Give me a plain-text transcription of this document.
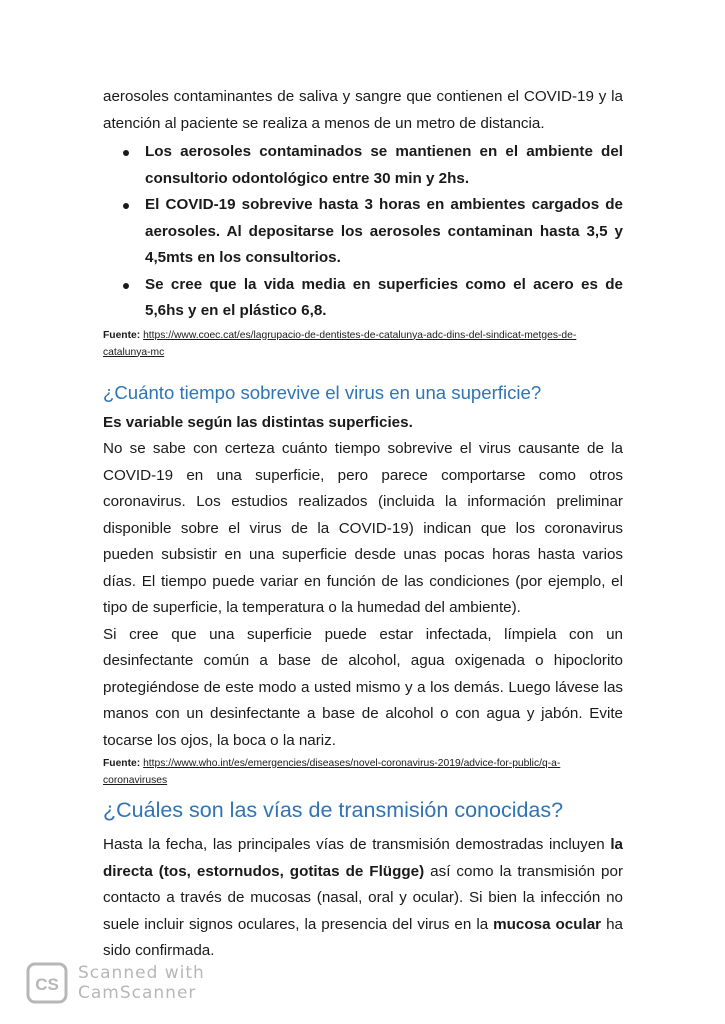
aerosoles contaminantes de saliva y sangre que contienen el COVID-19 y la atención al paciente se realiza a menos de un metro de distancia.

Los aerosoles contaminados se mantienen en el ambiente del consultorio odontológico entre 30 min y 2hs.
El COVID-19 sobrevive hasta 3 horas en ambientes cargados de aerosoles. Al depositarse los aerosoles contaminan hasta 3,5 y 4,5mts en los consultorios.
Se cree que la vida media en superficies como el acero es de 5,6hs y en el plástico 6,8.
Fuente: https://www.coec.cat/es/lagrupacio-de-dentistes-de-catalunya-adc-dins-del-sindicat-metges-de-catalunya-mc
¿Cuánto tiempo sobrevive el virus en una superficie?
Es variable según las distintas superficies.

No se sabe con certeza cuánto tiempo sobrevive el virus causante de la COVID-19 en una superficie, pero parece comportarse como otros coronavirus. Los estudios realizados (incluida la información preliminar disponible sobre el virus de la COVID-19) indican que los coronavirus pueden subsistir en una superficie desde unas pocas horas hasta varios días. El tiempo puede variar en función de las condiciones (por ejemplo, el tipo de superficie, la temperatura o la humedad del ambiente).

Si cree que una superficie puede estar infectada, límpiela con un desinfectante común a base de alcohol, agua oxigenada o hipoclorito protegiéndose de este modo a usted mismo y a los demás. Luego lávese las manos con un desinfectante a base de alcohol o con agua y jabón. Evite tocarse los ojos, la boca o la nariz.

Fuente: https://www.who.int/es/emergencies/diseases/novel-coronavirus-2019/advice-for-public/q-a-coronaviruses
¿Cuáles son las vías de transmisión conocidas?

Hasta la fecha, las principales vías de transmisión demostradas incluyen la directa (tos, estornudos, gotitas de Flügge) así como la transmisión por contacto a través de mucosas (nasal, oral y ocular). Si bien la infección no suele incluir signos oculares, la presencia del virus en la mucosa ocular ha sido confirmada.

CS
Scanned with
CamScanner
